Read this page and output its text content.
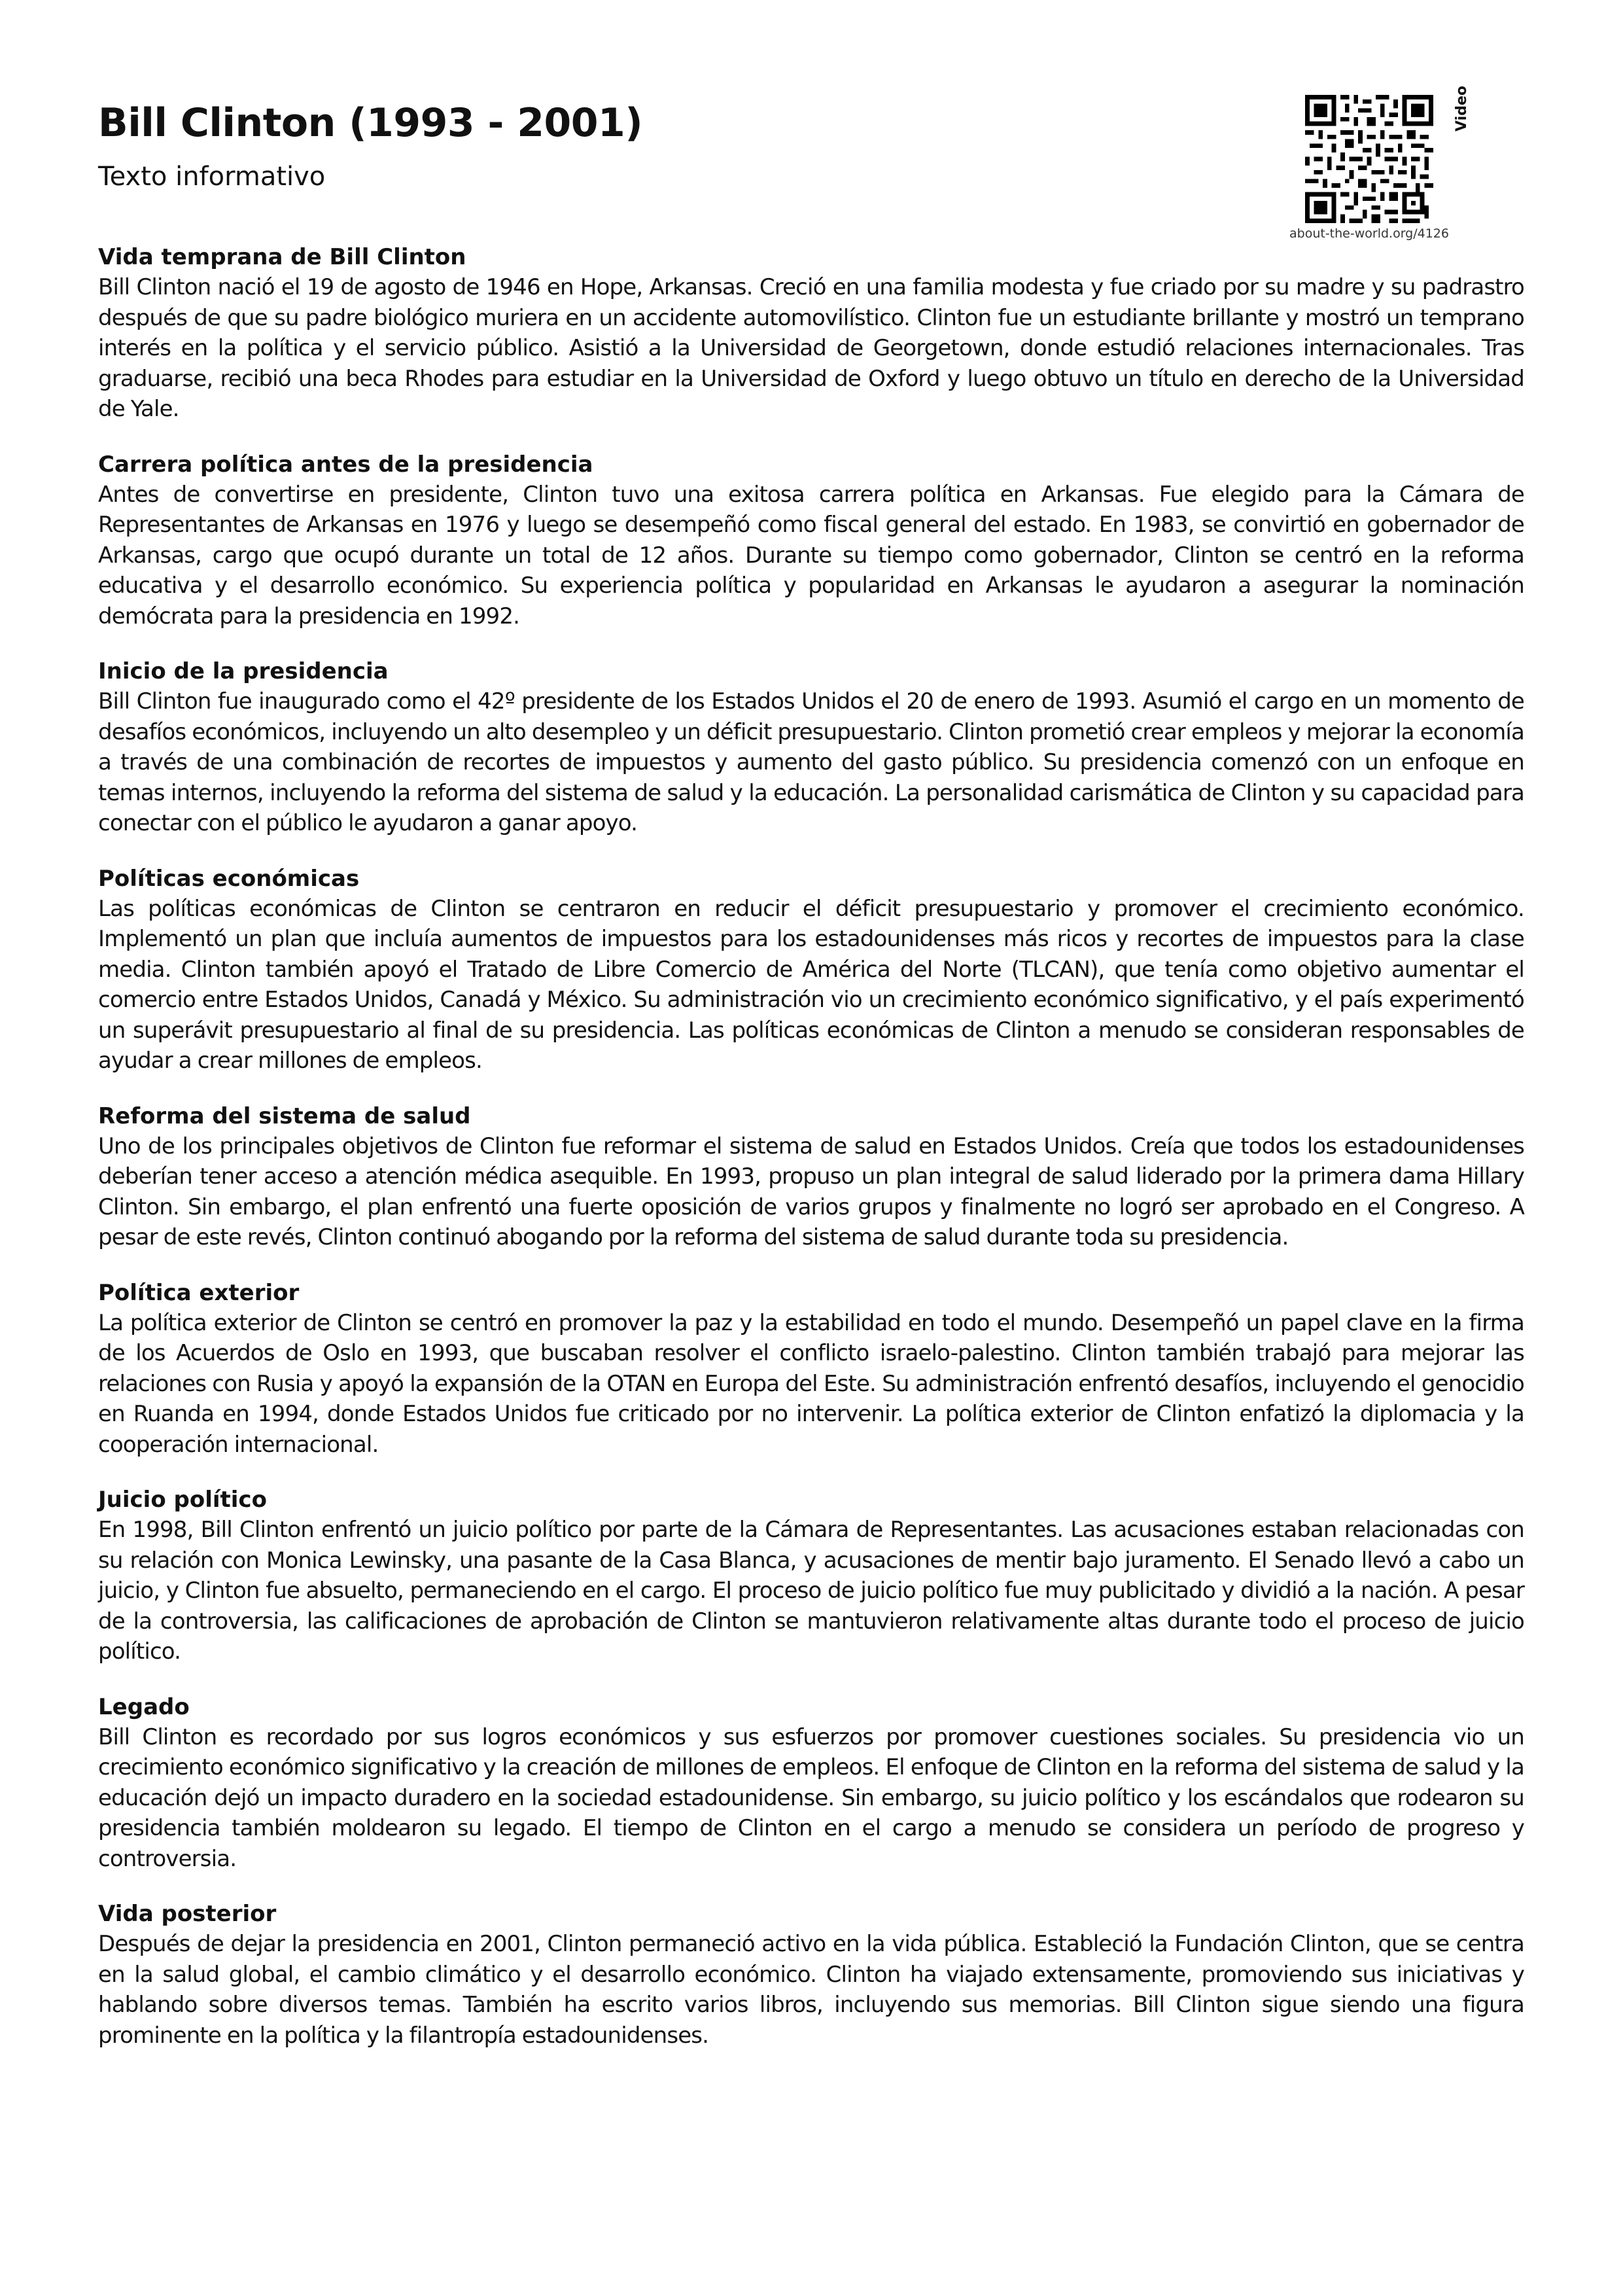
Bill Clinton (1993 - 2001)
Texto informativo
about-the-world.org/4126
Video
Vida temprana de Bill Clinton

Bill Clinton nació el 19 de agosto de 1946 en Hope, Arkansas. Creció en una familia modesta y fue criado por su madre y su padrastro después de que su padre biológico muriera en un accidente automovilístico. Clinton fue un estudiante brillante y mostró un temprano interés en la política y el servicio público. Asistió a la Universidad de Georgetown, donde estudió relaciones internacionales. Tras graduarse, recibió una beca Rhodes para estudiar en la Universidad de Oxford y luego obtuvo un título en derecho de la Universidad de Yale.

Carrera política antes de la presidencia

Antes de convertirse en presidente, Clinton tuvo una exitosa carrera política en Arkansas. Fue elegido para la Cámara de Representantes de Arkansas en 1976 y luego se desempeñó como fiscal general del estado. En 1983, se convirtió en gobernador de Arkansas, cargo que ocupó durante un total de 12 años. Durante su tiempo como gobernador, Clinton se centró en la reforma educativa y el desarrollo económico. Su experiencia política y popularidad en Arkansas le ayudaron a asegurar la nominación demócrata para la presidencia en 1992.

Inicio de la presidencia

Bill Clinton fue inaugurado como el 42º presidente de los Estados Unidos el 20 de enero de 1993. Asumió el cargo en un momento de desafíos económicos, incluyendo un alto desempleo y un déficit presupuestario. Clinton prometió crear empleos y mejorar la economía a través de una combinación de recortes de impuestos y aumento del gasto público. Su presidencia comenzó con un enfoque en temas internos, incluyendo la reforma del sistema de salud y la educación. La personalidad carismática de Clinton y su capacidad para conectar con el público le ayudaron a ganar apoyo.

Políticas económicas

Las políticas económicas de Clinton se centraron en reducir el déficit presupuestario y promover el crecimiento económico. Implementó un plan que incluía aumentos de impuestos para los estadounidenses más ricos y recortes de impuestos para la clase media. Clinton también apoyó el Tratado de Libre Comercio de América del Norte (TLCAN), que tenía como objetivo aumentar el comercio entre Estados Unidos, Canadá y México. Su administración vio un crecimiento económico significativo, y el país experimentó un superávit presupuestario al final de su presidencia. Las políticas económicas de Clinton a menudo se consideran responsables de ayudar a crear millones de empleos.

Reforma del sistema de salud

Uno de los principales objetivos de Clinton fue reformar el sistema de salud en Estados Unidos. Creía que todos los estadounidenses deberían tener acceso a atención médica asequible. En 1993, propuso un plan integral de salud liderado por la primera dama Hillary Clinton. Sin embargo, el plan enfrentó una fuerte oposición de varios grupos y finalmente no logró ser aprobado en el Congreso. A pesar de este revés, Clinton continuó abogando por la reforma del sistema de salud durante toda su presidencia.

Política exterior

La política exterior de Clinton se centró en promover la paz y la estabilidad en todo el mundo. Desempeñó un papel clave en la firma de los Acuerdos de Oslo en 1993, que buscaban resolver el conflicto israelo-palestino. Clinton también trabajó para mejorar las relaciones con Rusia y apoyó la expansión de la OTAN en Europa del Este. Su administración enfrentó desafíos, incluyendo el genocidio en Ruanda en 1994, donde Estados Unidos fue criticado por no intervenir. La política exterior de Clinton enfatizó la diplomacia y la cooperación internacional.

Juicio político

En 1998, Bill Clinton enfrentó un juicio político por parte de la Cámara de Representantes. Las acusaciones estaban relacionadas con su relación con Monica Lewinsky, una pasante de la Casa Blanca, y acusaciones de mentir bajo juramento. El Senado llevó a cabo un juicio, y Clinton fue absuelto, permaneciendo en el cargo. El proceso de juicio político fue muy publicitado y dividió a la nación. A pesar de la controversia, las calificaciones de aprobación de Clinton se mantuvieron relativamente altas durante todo el proceso de juicio político.

Legado

Bill Clinton es recordado por sus logros económicos y sus esfuerzos por promover cuestiones sociales. Su presidencia vio un crecimiento económico significativo y la creación de millones de empleos. El enfoque de Clinton en la reforma del sistema de salud y la educación dejó un impacto duradero en la sociedad estadounidense. Sin embargo, su juicio político y los escándalos que rodearon su presidencia también moldearon su legado. El tiempo de Clinton en el cargo a menudo se considera un período de progreso y controversia.

Vida posterior

Después de dejar la presidencia en 2001, Clinton permaneció activo en la vida pública. Estableció la Fundación Clinton, que se centra en la salud global, el cambio climático y el desarrollo económico. Clinton ha viajado extensamente, promoviendo sus iniciativas y hablando sobre diversos temas. También ha escrito varios libros, incluyendo sus memorias. Bill Clinton sigue siendo una figura prominente en la política y la filantropía estadounidenses.
